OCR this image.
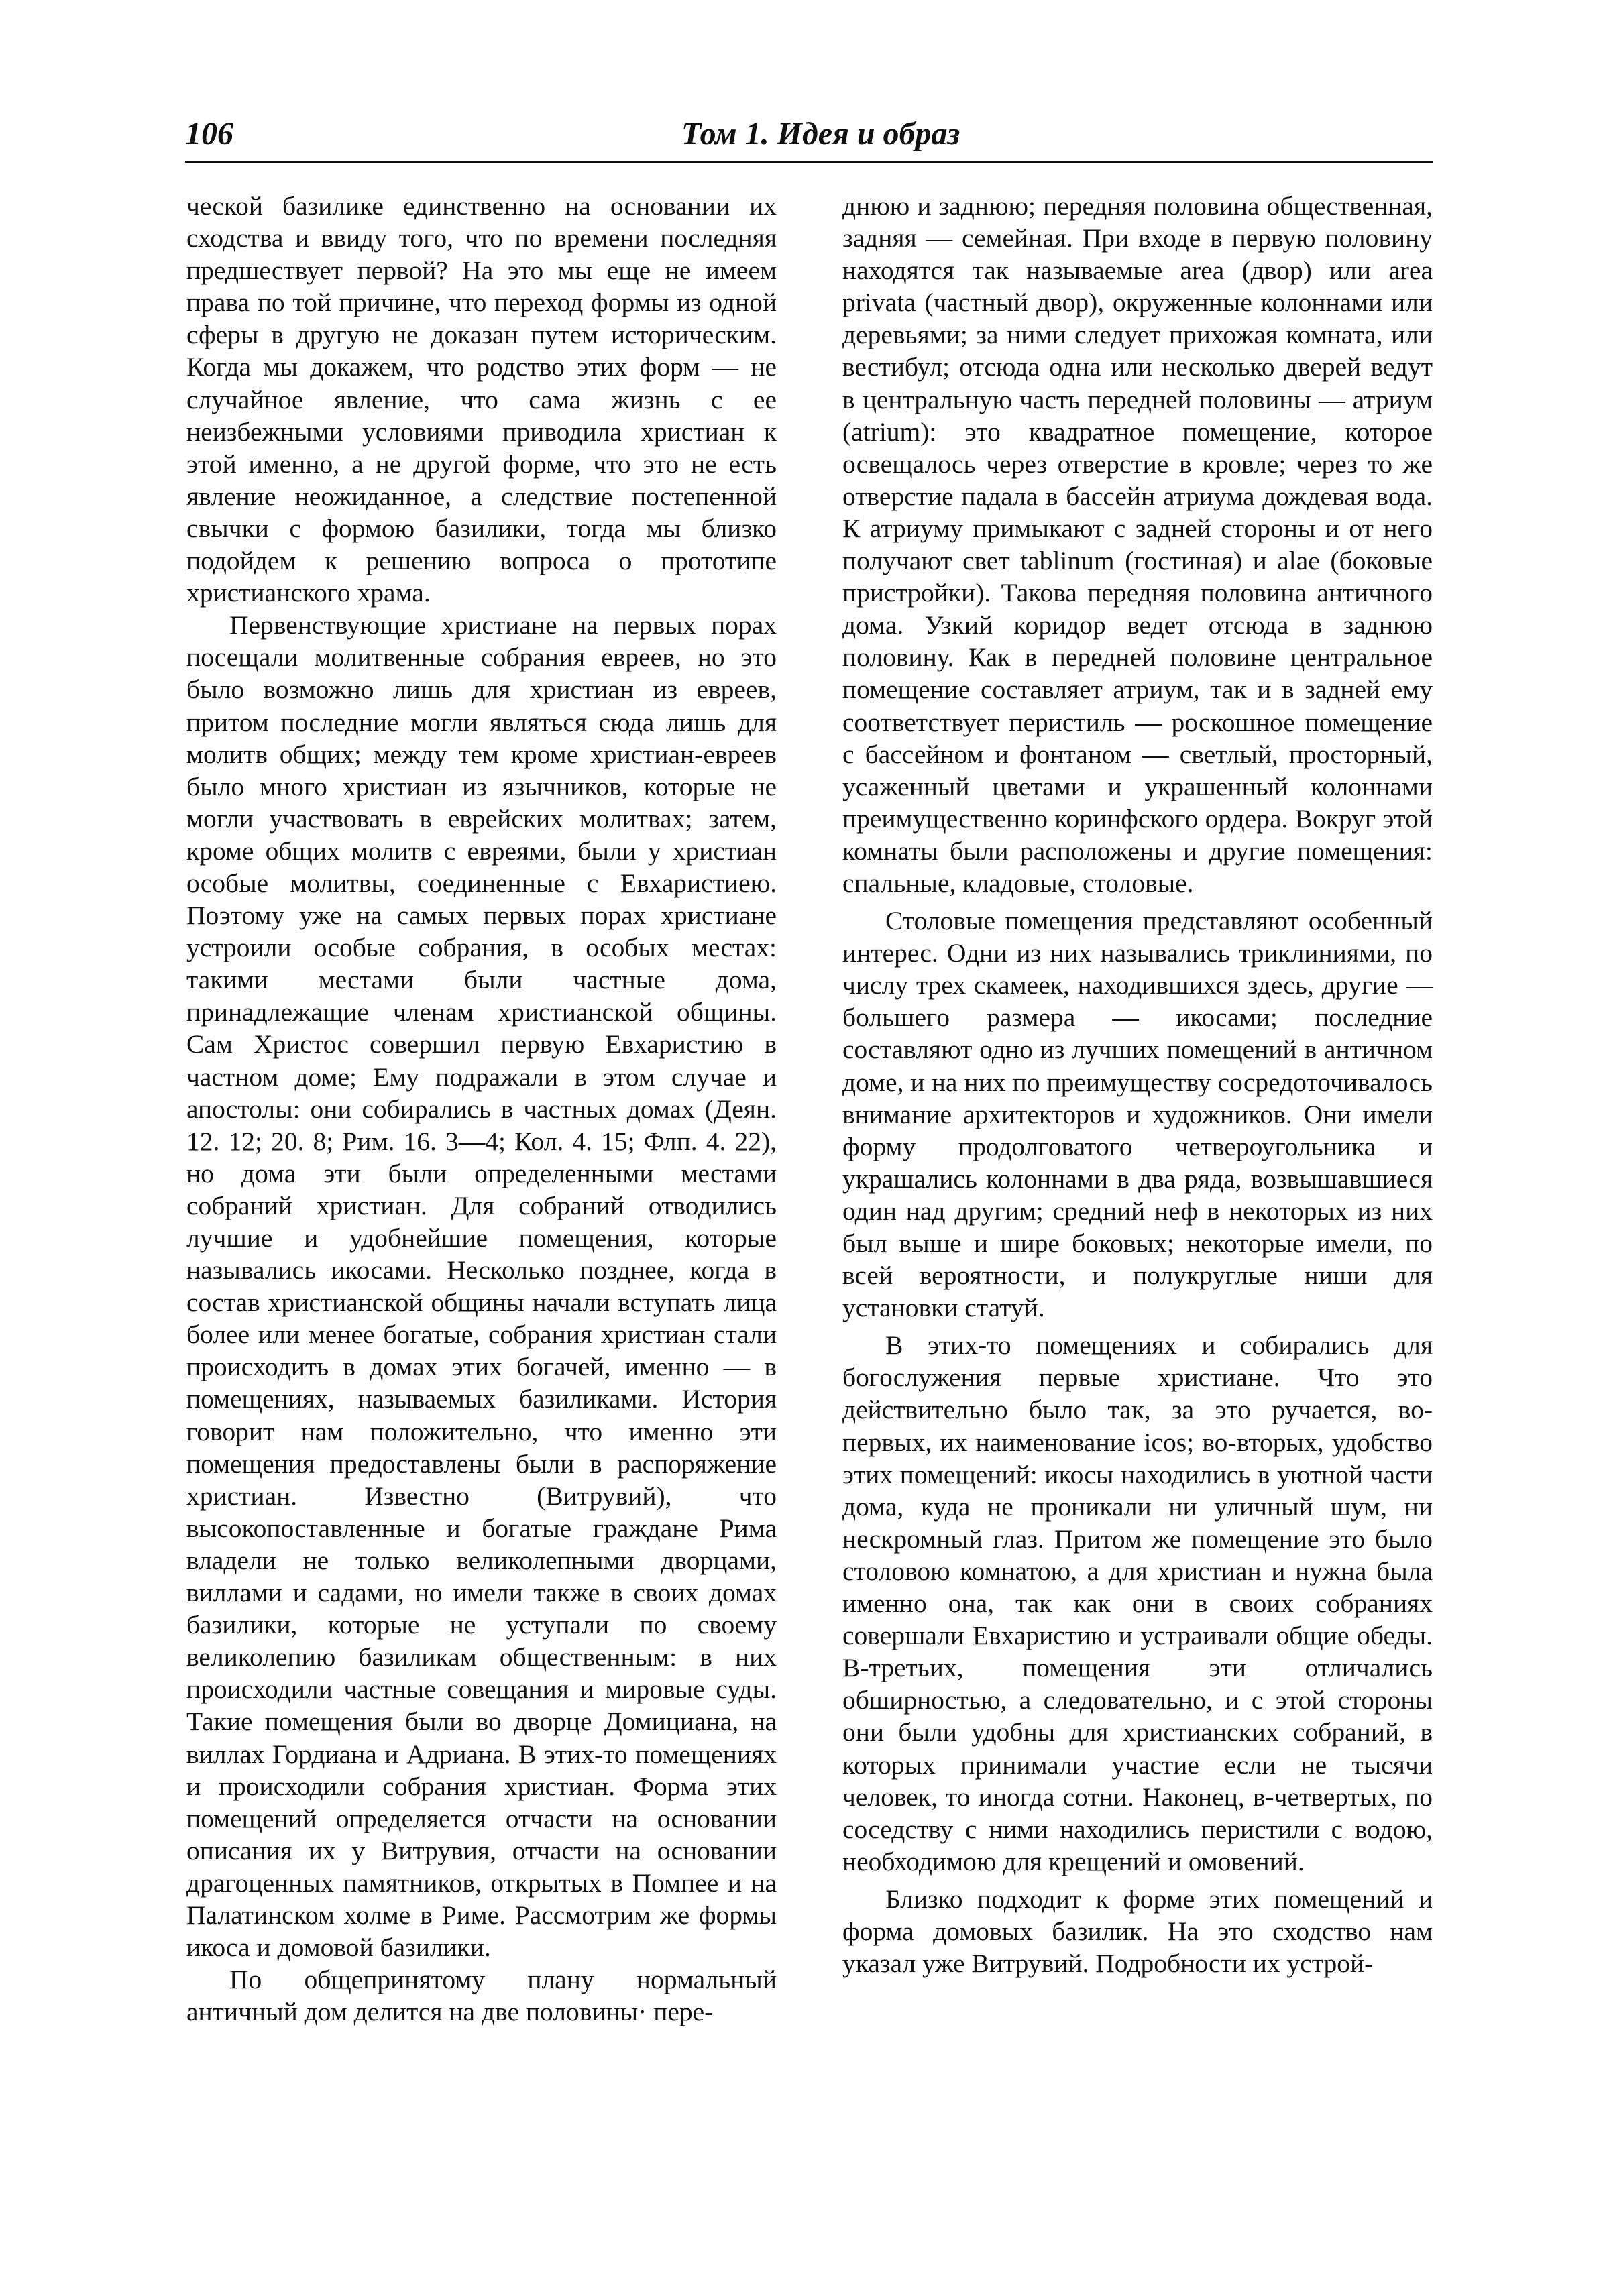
106	Том 1. Идея и образ

ческой базилике единственно на основании их сходства и ввиду того, что по времени последняя предшествует первой? На это мы еще не имеем права по той причине, что переход формы из одной сферы в другую не доказан путем историческим. Когда мы докажем, что родство этих форм — не случайное явление, что сама жизнь с ее неизбежными условиями приводила христиан к этой именно, а не другой форме, что это не есть явление неожиданное, а следствие постепенной свычки с формою базилики, тогда мы близко подойдем к решению вопроса о прототипе христианского храма.

Первенствующие христиане на первых порах посещали молитвенные собрания евреев, но это было возможно лишь для христиан из евреев, притом последние могли являться сюда лишь для молитв общих; между тем кроме христиан-евреев было много христиан из язычников, которые не могли участвовать в еврейских молитвах; затем, кроме общих молитв с евреями, были у христиан особые молитвы, соединенные с Евхаристиею. Поэтому уже на самых первых порах христиане устроили особые собрания, в особых местах: такими местами были частные дома, принадлежащие членам христианской общины. Сам Христос совершил первую Евхаристию в частном доме; Ему подражали в этом случае и апостолы: они собирались в частных домах (Деян. 12. 12; 20. 8; Рим. 16. 3—4; Кол. 4. 15; Флп. 4. 22), но дома эти были определенными местами собраний христиан. Для собраний отводились лучшие и удобнейшие помещения, которые назывались икосами. Несколько позднее, когда в состав христианской общины начали вступать лица более или менее богатые, собрания христиан стали происходить в домах этих богачей, именно — в помещениях, называемых базиликами. История говорит нам положительно, что именно эти помещения предоставлены были в распоряжение христиан. Известно (Витрувий), что высокопоставленные и богатые граждане Рима владели не только великолепными дворцами, виллами и садами, но имели также в своих домах базилики, которые не уступали по своему великолепию базиликам общественным: в них происходили частные совещания и мировые суды. Такие помещения были во дворце Домициана, на виллах Гордиана и Адриана. В этих-то помещениях и происходили собрания христиан. Форма этих помещений определяется отчасти на основании описания их у Витрувия, отчасти на основании драгоценных памятников, открытых в Помпее и на Палатинском холме в Риме. Рассмотрим же формы икоса и домовой базилики.

По общепринятому плану нормальный античный дом делится на две половины· пере-

днюю и заднюю; передняя половина общественная, задняя — семейная. При входе в первую половину находятся так называемые area (двор) или area privata (частный двор), окруженные колоннами или деревьями; за ними следует прихожая комната, или вестибул; отсюда одна или несколько дверей ведут в центральную часть передней половины — атриум (atrium): это квадратное помещение, которое освещалось через отверстие в кровле; через то же отверстие падала в бассейн атриума дождевая вода. К атриуму примыкают с задней стороны и от него получают свет tablinum (гостиная) и alae (боковые пристройки). Такова передняя половина античного дома. Узкий коридор ведет отсюда в заднюю половину. Как в передней половине центральное помещение составляет атриум, так и в задней ему соответствует перистиль — роскошное помещение с бассейном и фонтаном — светлый, просторный, усаженный цветами и украшенный колоннами преимущественно коринфского ордера. Вокруг этой комнаты были расположены и другие помещения: спальные, кладовые, столовые.

Столовые помещения представляют особенный интерес. Одни из них назывались триклиниями, по числу трех скамеек, находившихся здесь, другие — большего размера — икосами; последние составляют одно из лучших помещений в античном доме, и на них по преимуществу сосредоточивалось внимание архитекторов и художников. Они имели форму продолговатого четвероугольника и украшались колоннами в два ряда, возвышавшиеся один над другим; средний неф в некоторых из них был выше и шире боковых; некоторые имели, по всей вероятности, и полукруглые ниши для установки статуй.

В этих-то помещениях и собирались для богослужения первые христиане. Что это действительно было так, за это ручается, во-первых, их наименование icos; во-вторых, удобство этих помещений: икосы находились в уютной части дома, куда не проникали ни уличный шум, ни нескромный глаз. Притом же помещение это было столовою комнатою, а для христиан и нужна была именно она, так как они в своих собраниях совершали Евхаристию и устраивали общие обеды. В-третьих, помещения эти отличались обширностью, а следовательно, и с этой стороны они были удобны для христианских собраний, в которых принимали участие если не тысячи человек, то иногда сотни. Наконец, в-четвертых, по соседству с ними находились перистили с водою, необходимою для крещений и омовений.

Близко подходит к форме этих помещений и форма домовых базилик. На это сходство нам указал уже Витрувий. Подробности их устрой-
